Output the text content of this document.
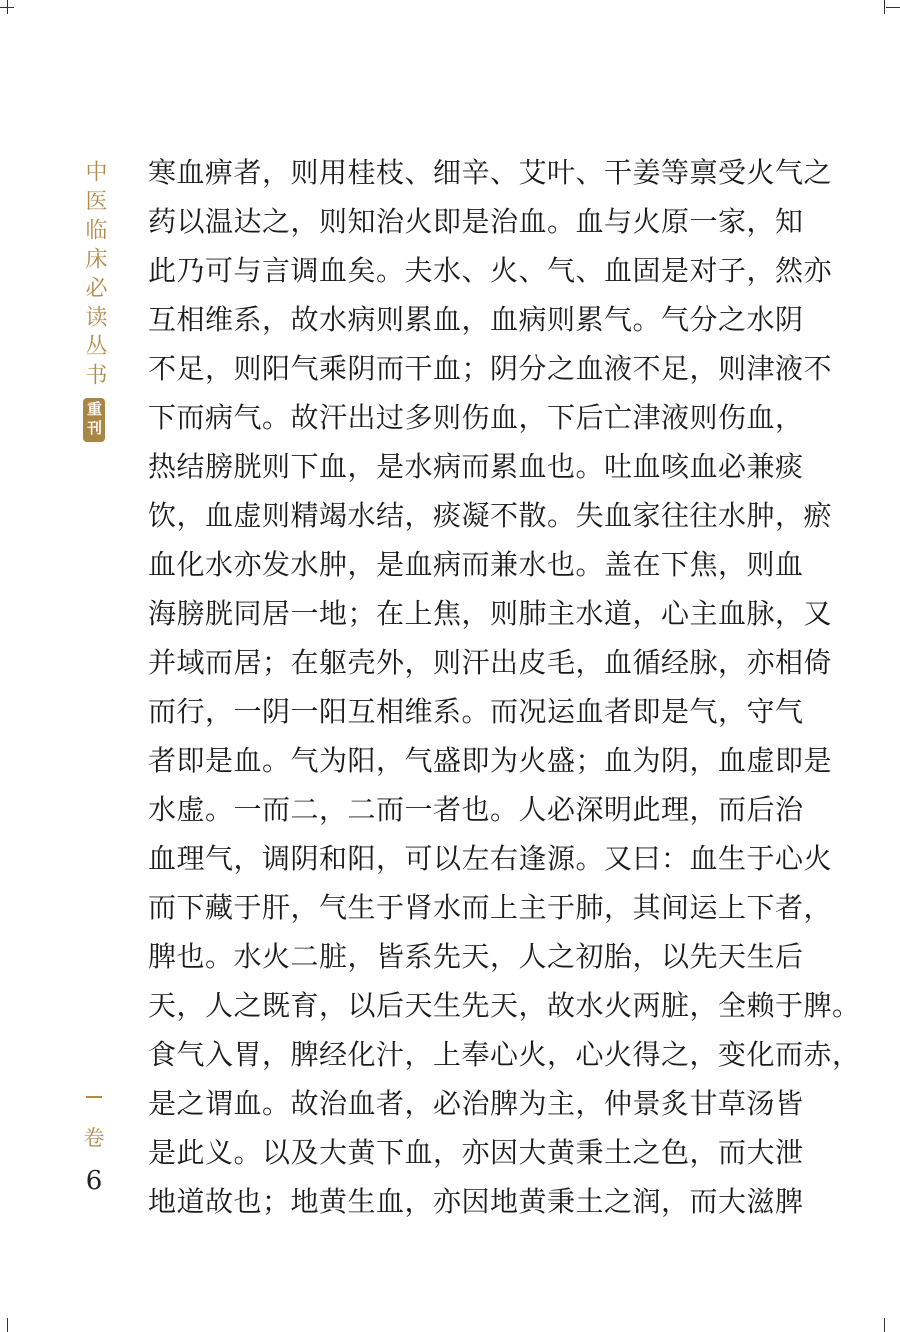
中医临床必读丛书
重刊
寒血痹者，则用桂枝、细辛、艾叶、干姜等禀受火气之
药以温达之，则知治火即是治血。血与火原一家，知
此乃可与言调血矣。夫水、火、气、血固是对子，然亦
互相维系，故水病则累血，血病则累气。气分之水阴
不足，则阳气乘阴而干血；阴分之血液不足，则津液不
下而病气。故汗出过多则伤血，下后亡津液则伤血，
热结膀胱则下血，是水病而累血也。吐血咳血必兼痰
饮，血虚则精竭水结，痰凝不散。失血家往往水肿，瘀
血化水亦发水肿，是血病而兼水也。盖在下焦，则血
海膀胱同居一地；在上焦，则肺主水道，心主血脉，又
并域而居；在躯壳外，则汗出皮毛，血循经脉，亦相倚
而行，一阴一阳互相维系。而况运血者即是气，守气
者即是血。气为阳，气盛即为火盛；血为阴，血虚即是
水虚。一而二，二而一者也。人必深明此理，而后治
血理气，调阴和阳，可以左右逢源。又曰：血生于心火
而下藏于肝，气生于肾水而上主于肺，其间运上下者，
脾也。水火二脏，皆系先天，人之初胎，以先天生后
天，人之既育，以后天生先天，故水火两脏，全赖于脾。
食气入胃，脾经化汁，上奉心火，心火得之，变化而赤，
是之谓血。故治血者，必治脾为主，仲景炙甘草汤皆
是此义。以及大黄下血，亦因大黄秉土之色，而大泄
地道故也；地黄生血，亦因地黄秉土之润，而大滋脾
卷
6
